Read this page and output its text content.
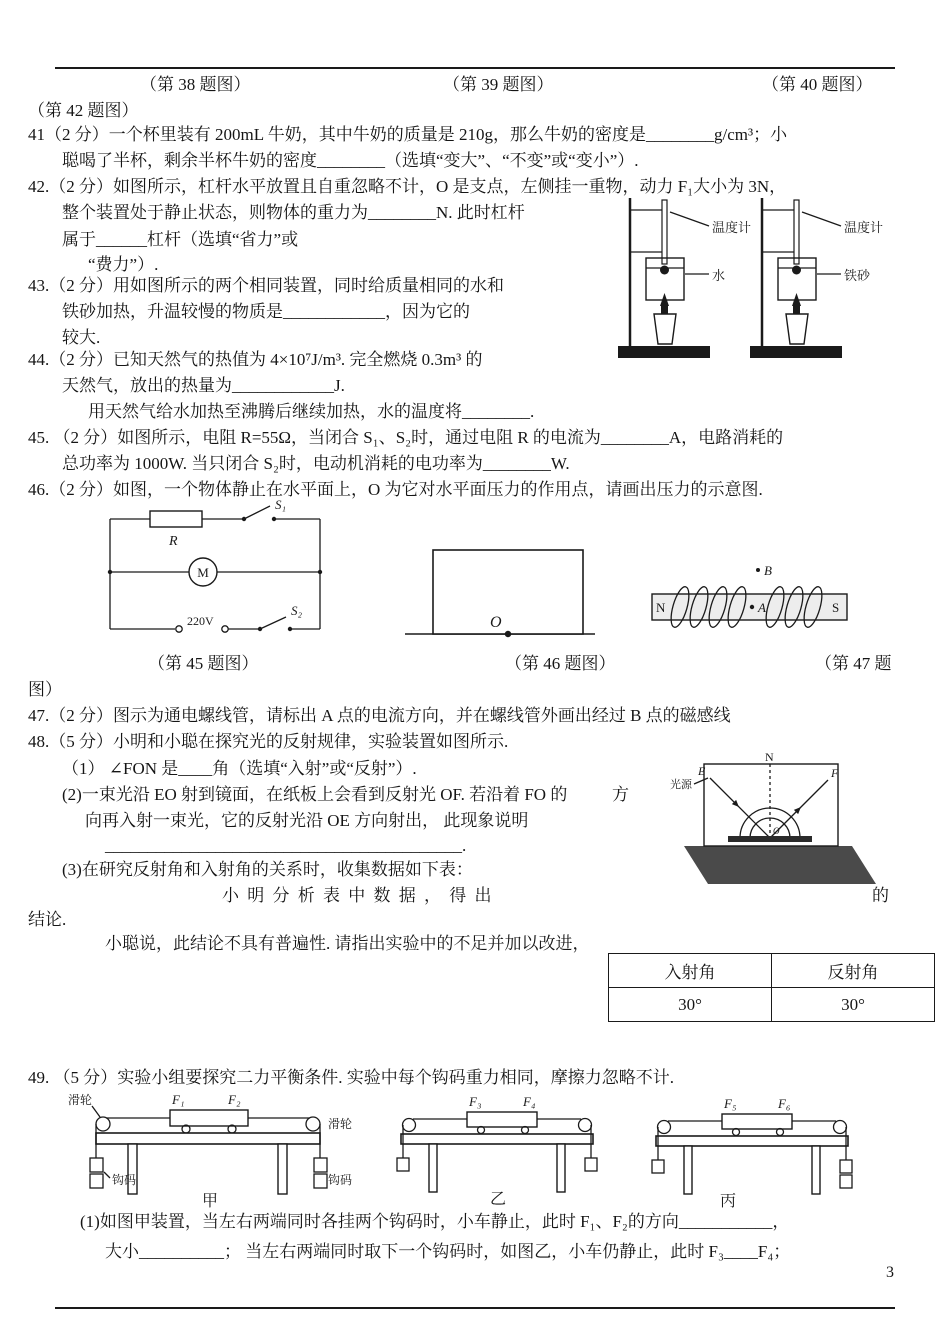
（第 38 题图）	（第 39 题图）	（第 40 题图）
（第 42 题图）
41（2 分）一个杯里装有 200mL 牛奶，其中牛奶的质量是 210g，那么牛奶的密度是________g/cm³；小
聪喝了半杯，剩余半杯牛奶的密度________（选填“变大”、“不变”或“变小”）.
42.（2 分）如图所示，杠杆水平放置且自重忽略不计，O 是支点，左侧挂一重物，动力 F₁大小为 3N，
整个装置处于静止状态，则物体的重力为________N. 此时杠杆
属于______杠杆（选填“省力”或
“费力”）.
43.（2 分）用如图所示的两个相同装置，同时给质量相同的水和
铁砂加热，升温较慢的物质是____________，因为它的
较大.
温度计
水
温度计
铁砂
44.（2 分）已知天然气的热值为 4×10⁷J/m³. 完全燃烧 0.3m³ 的
天然气，放出的热量为____________J.
用天然气给水加热至沸腾后继续加热，水的温度将________.
45. （2 分）如图所示，电阻 R=55Ω，当闭合 S₁、S₂时，通过电阻 R 的电流为________A，电路消耗的
总功率为 1000W. 当只闭合 S₂时，电动机消耗的电功率为________W.
46.（2 分）如图，一个物体静止在水平面上，O 为它对水平面压力的作用点，请画出压力的示意图.
R
S₁
M
220V
S₂
O
B
N	S
A
（第 45 题图）	（第 46 题图）	（第 47 题
图）
47.（2 分）图示为通电螺线管，请标出 A 点的电流方向，并在螺线管外画出经过 B 点的磁感线
48.（5 分）小明和小聪在探究光的反射规律，实验装置如图所示.
（1） ∠FON 是____角（选填“入射”或“反射”）.
(2)一束光沿 EO 射到镜面，在纸板上会看到反射光 OF. 若沿着 FO 的	方
向再入射一束光，它的反射光沿 OE 方向射出， 此现象说明
__________________________________________.
(3)在研究反射角和入射角的关系时，收集数据如下表：
小 明 分 析 表 中 数 据 ， 得 出	的
结论.
小聪说，此结论不具有普遍性. 请指出实验中的不足并加以改进，
N
光源
E	F
O
入射角	反射角
30°	30°
49. （5 分）实验小组要探究二力平衡条件. 实验中每个钩码重力相同，摩擦力忽略不计.
滑轮	F₁	F₂
滑轮
钩码	钩码
甲
F₃	F₄
乙
F₅	F₆
丙
(1)如图甲装置，当左右两端同时各挂两个钩码时，小车静止，此时 F₁、F₂的方向___________，
大小__________； 当左右两端同时取下一个钩码时，如图乙，小车仍静止，此时 F₃____F₄；
3
